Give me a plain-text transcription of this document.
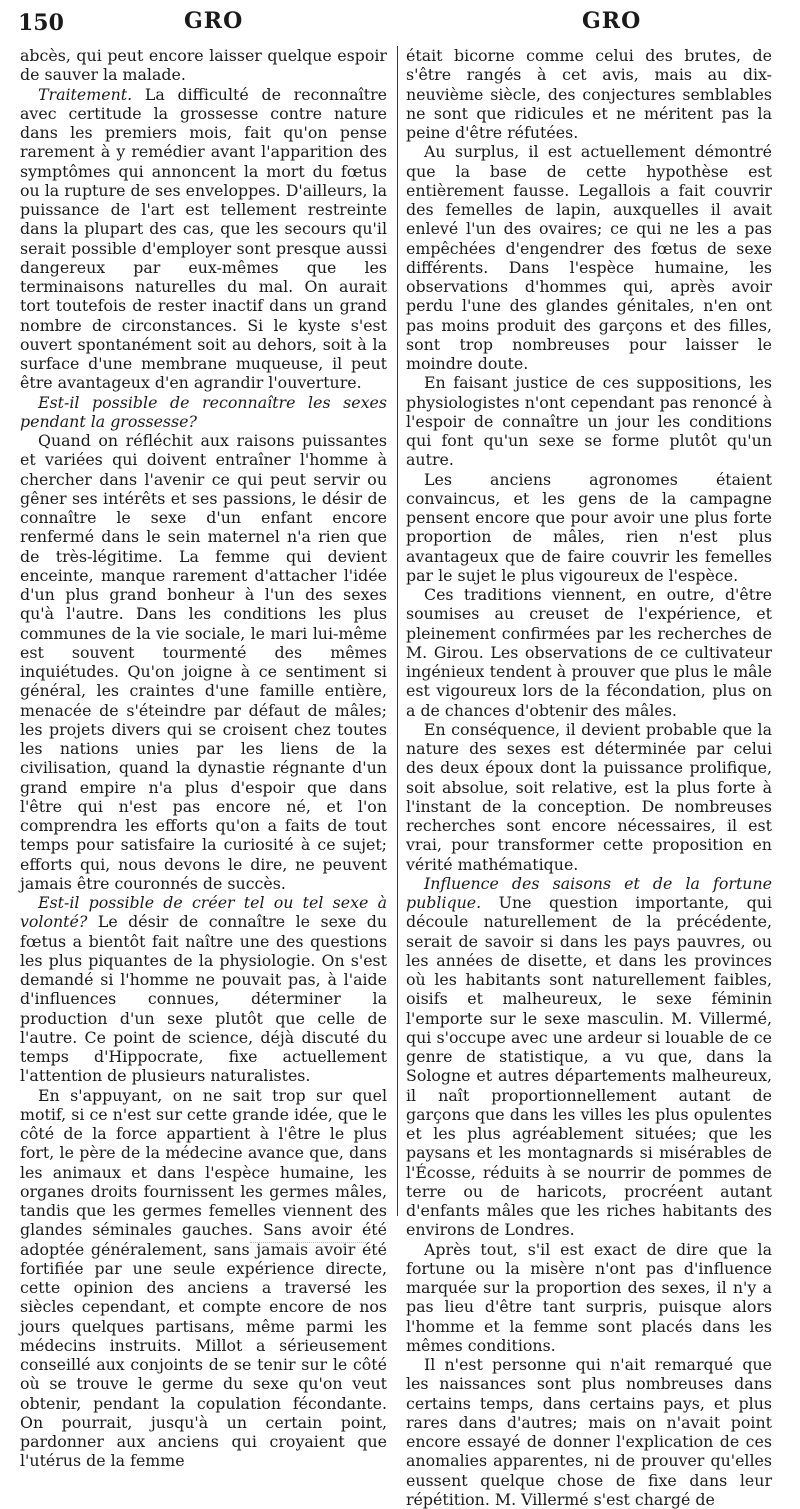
150	GRO	GRO

abcès, qui peut encore laisser quelque espoir de sauver la malade.

Traitement. La difficulté de reconnaître avec certitude la grossesse contre nature dans les premiers mois, fait qu'on pense rarement à y remédier avant l'apparition des symptômes qui annoncent la mort du fœtus ou la rupture de ses enveloppes. D'ailleurs, la puissance de l'art est tellement restreinte dans la plupart des cas, que les secours qu'il serait possible d'employer sont presque aussi dangereux par eux-mêmes que les terminaisons naturelles du mal. On aurait tort toutefois de rester inactif dans un grand nombre de circonstances. Si le kyste s'est ouvert spontanément soit au dehors, soit à la surface d'une membrane muqueuse, il peut être avantageux d'en agrandir l'ouverture.

Est-il possible de reconnaître les sexes pendant la grossesse?

Quand on réfléchit aux raisons puissantes et variées qui doivent entraîner l'homme à chercher dans l'avenir ce qui peut servir ou gêner ses intérêts et ses passions, le désir de connaître le sexe d'un enfant encore renfermé dans le sein maternel n'a rien que de très-légitime. La femme qui devient enceinte, manque rarement d'attacher l'idée d'un plus grand bonheur à l'un des sexes qu'à l'autre. Dans les conditions les plus communes de la vie sociale, le mari lui-même est souvent tourmenté des mêmes inquiétudes. Qu'on joigne à ce sentiment si général, les craintes d'une famille entière, menacée de s'éteindre par défaut de mâles; les projets divers qui se croisent chez toutes les nations unies par les liens de la civilisation, quand la dynastie régnante d'un grand empire n'a plus d'espoir que dans l'être qui n'est pas encore né, et l'on comprendra les efforts qu'on a faits de tout temps pour satisfaire la curiosité à ce sujet; efforts qui, nous devons le dire, ne peuvent jamais être couronnés de succès.

Est-il possible de créer tel ou tel sexe à volonté? Le désir de connaître le sexe du fœtus a bientôt fait naître une des questions les plus piquantes de la physiologie. On s'est demandé si l'homme ne pouvait pas, à l'aide d'influences connues, déterminer la production d'un sexe plutôt que celle de l'autre. Ce point de science, déjà discuté du temps d'Hippocrate, fixe actuellement l'attention de plusieurs naturalistes.

En s'appuyant, on ne sait trop sur quel motif, si ce n'est sur cette grande idée, que le côté de la force appartient à l'être le plus fort, le père de la médecine avance que, dans les animaux et dans l'espèce humaine, les organes droits fournissent les germes mâles, tandis que les germes femelles viennent des glandes séminales gauches. Sans avoir été adoptée généralement, sans jamais avoir été fortifiée par une seule expérience directe, cette opinion des anciens a traversé les siècles cependant, et compte encore de nos jours quelques partisans, même parmi les médecins instruits. Millot a sérieusement conseillé aux conjoints de se tenir sur le côté où se trouve le germe du sexe qu'on veut obtenir, pendant la copulation fécondante. On pourrait, jusqu'à un certain point, pardonner aux anciens qui croyaient que l'utérus de la femme

était bicorne comme celui des brutes, de s'être rangés à cet avis, mais au dix-neuvième siècle, des conjectures semblables ne sont que ridicules et ne méritent pas la peine d'être réfutées.

Au surplus, il est actuellement démontré que la base de cette hypothèse est entièrement fausse. Legallois a fait couvrir des femelles de lapin, auxquelles il avait enlevé l'un des ovaires; ce qui ne les a pas empêchées d'engendrer des fœtus de sexe différents. Dans l'espèce humaine, les observations d'hommes qui, après avoir perdu l'une des glandes génitales, n'en ont pas moins produit des garçons et des filles, sont trop nombreuses pour laisser le moindre doute.

En faisant justice de ces suppositions, les physiologistes n'ont cependant pas renoncé à l'espoir de connaître un jour les conditions qui font qu'un sexe se forme plutôt qu'un autre.

Les anciens agronomes étaient convaincus, et les gens de la campagne pensent encore que pour avoir une plus forte proportion de mâles, rien n'est plus avantageux que de faire couvrir les femelles par le sujet le plus vigoureux de l'espèce.

Ces traditions viennent, en outre, d'être soumises au creuset de l'expérience, et pleinement confirmées par les recherches de M. Girou. Les observations de ce cultivateur ingénieux tendent à prouver que plus le mâle est vigoureux lors de la fécondation, plus on a de chances d'obtenir des mâles.

En conséquence, il devient probable que la nature des sexes est déterminée par celui des deux époux dont la puissance prolifique, soit absolue, soit relative, est la plus forte à l'instant de la conception. De nombreuses recherches sont encore nécessaires, il est vrai, pour transformer cette proposition en vérité mathématique.

Influence des saisons et de la fortune publique. Une question importante, qui découle naturellement de la précédente, serait de savoir si dans les pays pauvres, ou les années de disette, et dans les provinces où les habitants sont naturellement faibles, oisifs et malheureux, le sexe féminin l'emporte sur le sexe masculin. M. Villermé, qui s'occupe avec une ardeur si louable de ce genre de statistique, a vu que, dans la Sologne et autres départements malheureux, il naît proportionnellement autant de garçons que dans les villes les plus opulentes et les plus agréablement situées; que les paysans et les montagnards si misérables de l'Écosse, réduits à se nourrir de pommes de terre ou de haricots, procréent autant d'enfants mâles que les riches habitants des environs de Londres.

Après tout, s'il est exact de dire que la fortune ou la misère n'ont pas d'influence marquée sur la proportion des sexes, il n'y a pas lieu d'être tant surpris, puisque alors l'homme et la femme sont placés dans les mêmes conditions.

Il n'est personne qui n'ait remarqué que les naissances sont plus nombreuses dans certains temps, dans certains pays, et plus rares dans d'autres; mais on n'avait point encore essayé de donner l'explication de ces anomalies apparentes, ni de prouver qu'elles eussent quelque chose de fixe dans leur répétition. M. Villermé s'est chargé de
